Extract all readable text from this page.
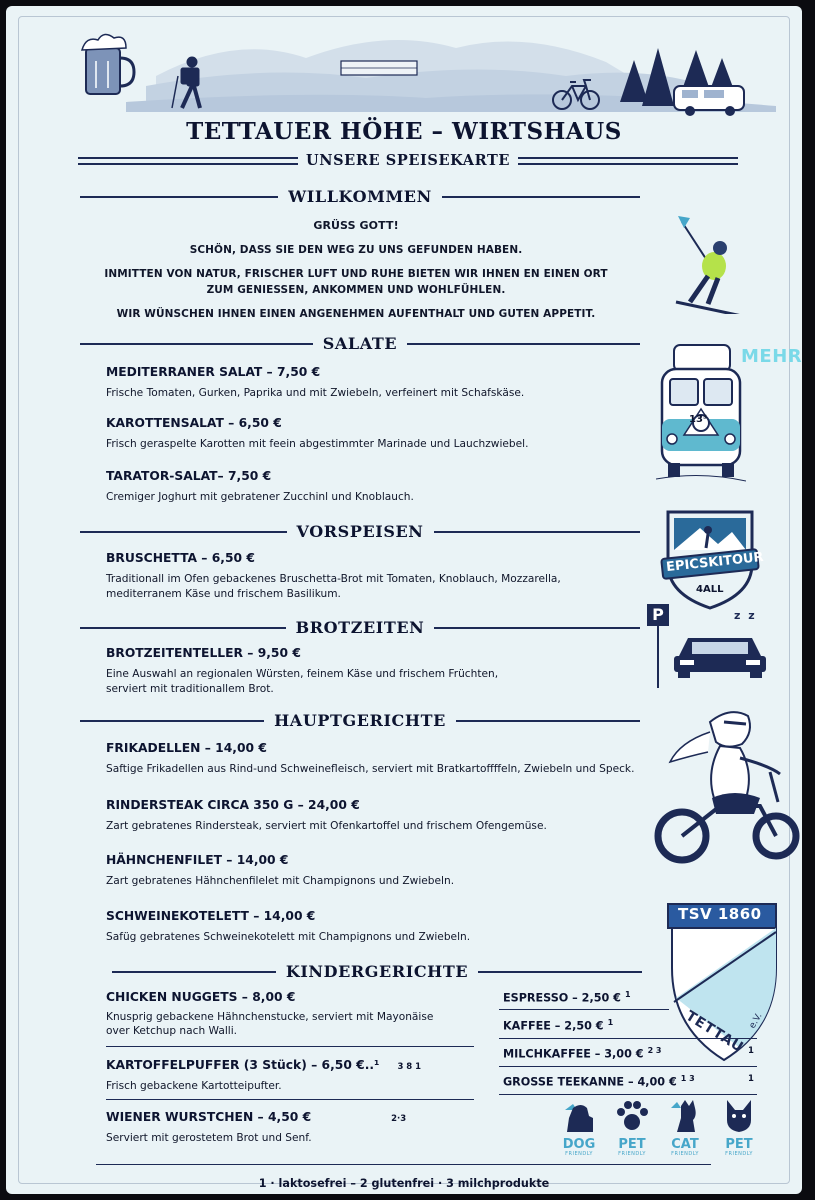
TETTAUER HÖHE – WIRTSHAUS
UNSERE SPEISEKARTE
WILLKOMMEN
GRÜSS GOTT!
SCHÖN, DASS SIE DEN WEG ZU UNS GEFUNDEN HABEN.
INMITTEN VON NATUR, FRISCHER LUFT UND RUHE BIETEN WIR IHNEN EN EINEN ORT
ZUM GENIESSEN, ANKOMMEN UND WOHLFÜHLEN.
WIR WÜNSCHEN IHNEN EINEN ANGENEHMEN AUFENTHALT UND GUTEN APPETIT.
SALATE
MEDITERRANER SALAT – 7,50 €
Frische Tomaten, Gurken, Paprika und mit Zwiebeln, verfeinert mit Schafskäse.
KAROTTENSALAT – 6,50 €
Frisch geraspelte Karotten mit feein abgestimmter Marinade und Lauchzwiebel.
TARATOR-SALAT– 7,50 €
Cremiger Joghurt mit gebratener Zucchinl und Knoblauch.
13³
MEHR
VORSPEISEN
BRUSCHETTA – 6,50 €
Traditionall im Ofen gebackenes Bruschetta-Brot mit Tomaten, Knoblauch, Mozzarella,
mediterranem Käse und frischem Basilikum.
EPICSKITOUR
4ALL
BROTZEITEN
BROTZEITENTELLER – 9,50 €
Eine Auswahl an regionalen Würsten, feinem Käse und frischem Früchten,
serviert mit traditionallem Brot.
P	z z
HAUPTGERICHTE
FRIKADELLEN – 14,00 €
Saftige Frikadellen aus Rind-und Schweinefleisch, serviert mit Bratkartoffffeln, Zwiebeln und Speck.
RINDERSTEAK CIRCA 350 G – 24,00 €
Zart gebratenes Rindersteak, serviert mit Ofenkartoffel und frischem Ofengemüse.
HÄHNCHENFILET – 14,00 €
Zart gebratenes Hähnchenfilelet mit Champignons und Zwiebeln.
SCHWEINEKOTELETT – 14,00 €
Safüg gebratenes Schweinekotelett mit Champignons und Zwiebeln.
TSV 1860
TETTAU e.V.
KINDERGERICHTE
CHICKEN NUGGETS – 8,00 €
Knusprig gebackene Hähnchenstucke, serviert mit Mayonäise
over Ketchup nach Walli.
KARTOFFELPUFFER (3 Stück) – 6,50 €..¹ 3 8 1
Frisch gebackene Kartotteipufter.
WIENER WURSTCHEN – 4,50 €	2·3
Serviert mit gerostetem Brot und Senf.
ESPRESSO – 2,50 € $^1$
KAFFEE – 2,50 € $^1$
MILCHKAFFEE – 3,00 € $^{2 3}$	1
GROSSE TEEKANNE – 4,00 € $^{1 3}$	1
DOG
FRIENDLY
PET
FRIENDLY
CAT
FRIENDLY
PET
FRIENDLY
1 · laktosefrei – 2 glutenfrei · 3 milchprodukte
